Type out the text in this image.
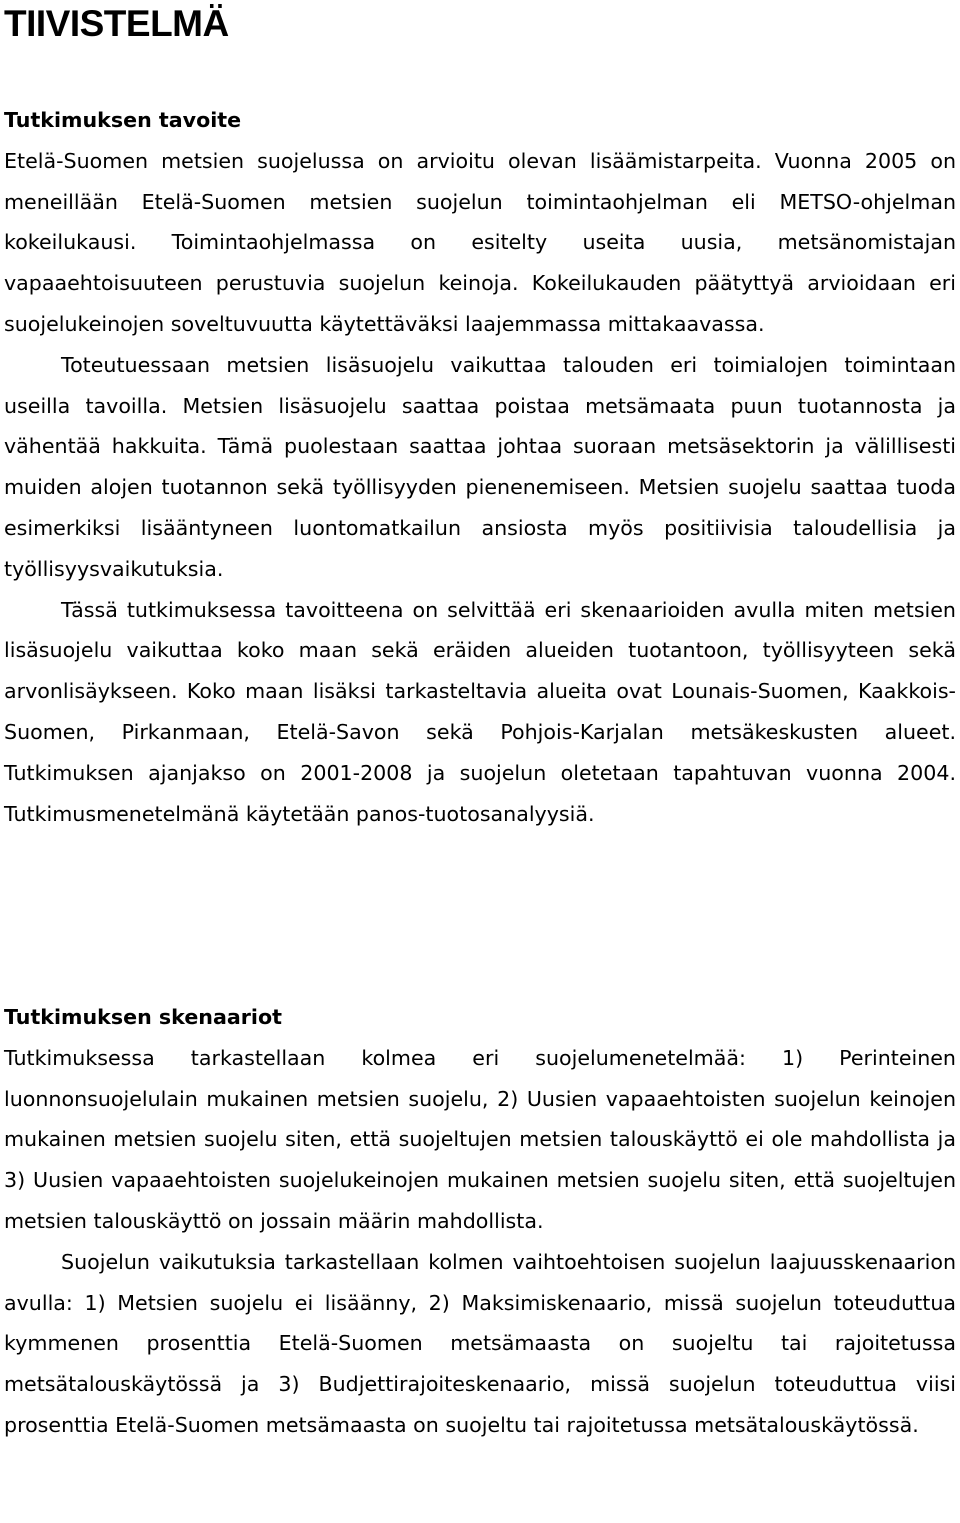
TIIVISTELMÄ
Tutkimuksen tavoite

Etelä-Suomen metsien suojelussa on arvioitu olevan lisäämistarpeita. Vuonna 2005 on meneillään Etelä-Suomen metsien suojelun toimintaohjelman eli METSO-ohjelman kokeilukausi. Toimintaohjelmassa on esitelty useita uusia, metsänomistajan vapaaehtoisuuteen perustuvia suojelun keinoja. Kokeilukauden päätyttyä arvioidaan eri suojelukeinojen soveltuvuutta käytettäväksi laajemmassa mittakaavassa.

Toteutuessaan metsien lisäsuojelu vaikuttaa talouden eri toimialojen toimintaan useilla tavoilla. Metsien lisäsuojelu saattaa poistaa metsämaata puun tuotannosta ja vähentää hakkuita. Tämä puolestaan saattaa johtaa suoraan metsäsektorin ja välillisesti muiden alojen tuotannon sekä työllisyyden pienenemiseen. Metsien suojelu saattaa tuoda esimerkiksi lisääntyneen luontomatkailun ansiosta myös positiivisia taloudellisia ja työllisyysvaikutuksia.

Tässä tutkimuksessa tavoitteena on selvittää eri skenaarioiden avulla miten metsien lisäsuojelu vaikuttaa koko maan sekä eräiden alueiden tuotantoon, työllisyyteen sekä arvonlisäykseen. Koko maan lisäksi tarkasteltavia alueita ovat Lounais-Suomen, Kaakkois-Suomen, Pirkanmaan, Etelä-Savon sekä Pohjois-Karjalan metsäkeskusten alueet. Tutkimuksen ajanjakso on 2001-2008 ja suojelun oletetaan tapahtuvan vuonna 2004. Tutkimusmenetelmänä käytetään panos-tuotosanalyysiä.

Tutkimuksen skenaariot

Tutkimuksessa tarkastellaan kolmea eri suojelumenetelmää: 1) Perinteinen luonnonsuojelulain mukainen metsien suojelu, 2) Uusien vapaaehtoisten suojelun keinojen mukainen metsien suojelu siten, että suojeltujen metsien talouskäyttö ei ole mahdollista ja 3) Uusien vapaaehtoisten suojelukeinojen mukainen metsien suojelu siten, että suojeltujen metsien talouskäyttö on jossain määrin mahdollista.

Suojelun vaikutuksia tarkastellaan kolmen vaihtoehtoisen suojelun laajuusskenaarion avulla: 1) Metsien suojelu ei lisäänny, 2) Maksimiskenaario, missä suojelun toteuduttua kymmenen prosenttia Etelä-Suomen metsämaasta on suojeltu tai rajoitetussa metsätalouskäytössä ja 3) Budjettirajoiteskenaario, missä suojelun toteuduttua viisi prosenttia Etelä-Suomen metsämaasta on suojeltu tai rajoitetussa metsätalouskäytössä.
